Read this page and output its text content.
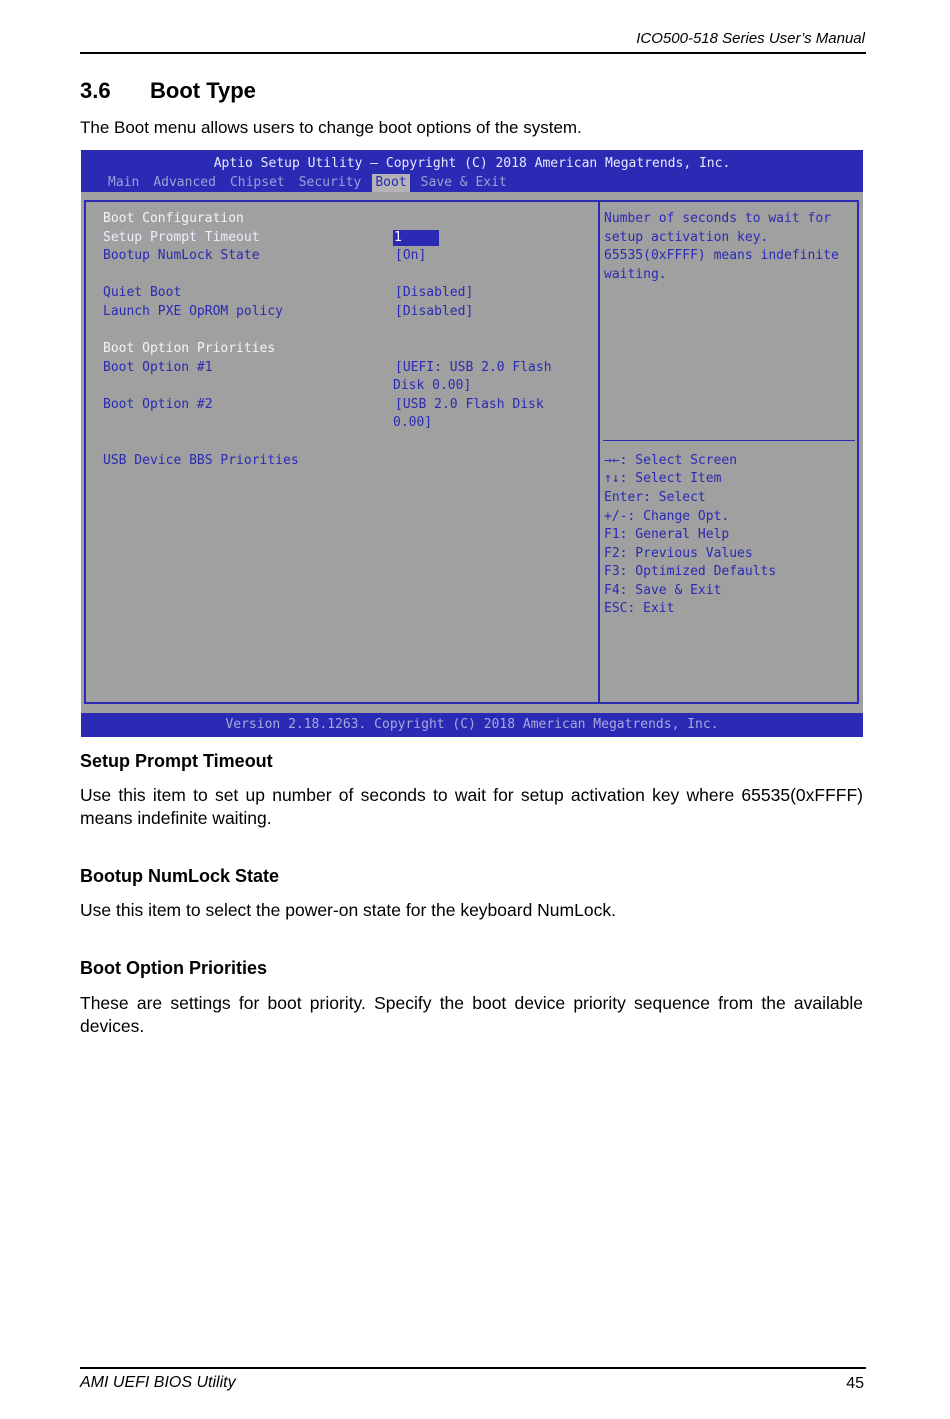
ICO500-518 Series User’s Manual
3.6 Boot Type
The Boot menu allows users to change boot options of the system.
Aptio Setup Utility – Copyright (C) 2018 American Megatrends, Inc.
Main Advanced Chipset Security Boot Save & Exit
Boot Configuration
Setup Prompt Timeout	1
Bootup NumLock State	[On]
Quiet Boot	[Disabled]
Launch PXE OpROM policy	[Disabled]
Boot Option Priorities
Boot Option #1	[UEFI: USB 2.0 Flash
Disk 0.00]
Boot Option #2	[USB 2.0 Flash Disk
0.00]
USB Device BBS Priorities
Number of seconds to wait for
setup activation key.
65535(0xFFFF) means indefinite
waiting.
→←: Select Screen
↑↓: Select Item
Enter: Select
+/-: Change Opt.
F1: General Help
F2: Previous Values
F3: Optimized Defaults
F4: Save & Exit
ESC: Exit
Version 2.18.1263. Copyright (C) 2018 American Megatrends, Inc.
Setup Prompt Timeout
Use this item to set up number of seconds to wait for setup activation key where 65535(0xFFFF) means indefinite waiting.
Bootup NumLock State
Use this item to select the power-on state for the keyboard NumLock.
Boot Option Priorities
These are settings for boot priority. Specify the boot device priority sequence from the available devices.
AMI UEFI BIOS Utility	45
